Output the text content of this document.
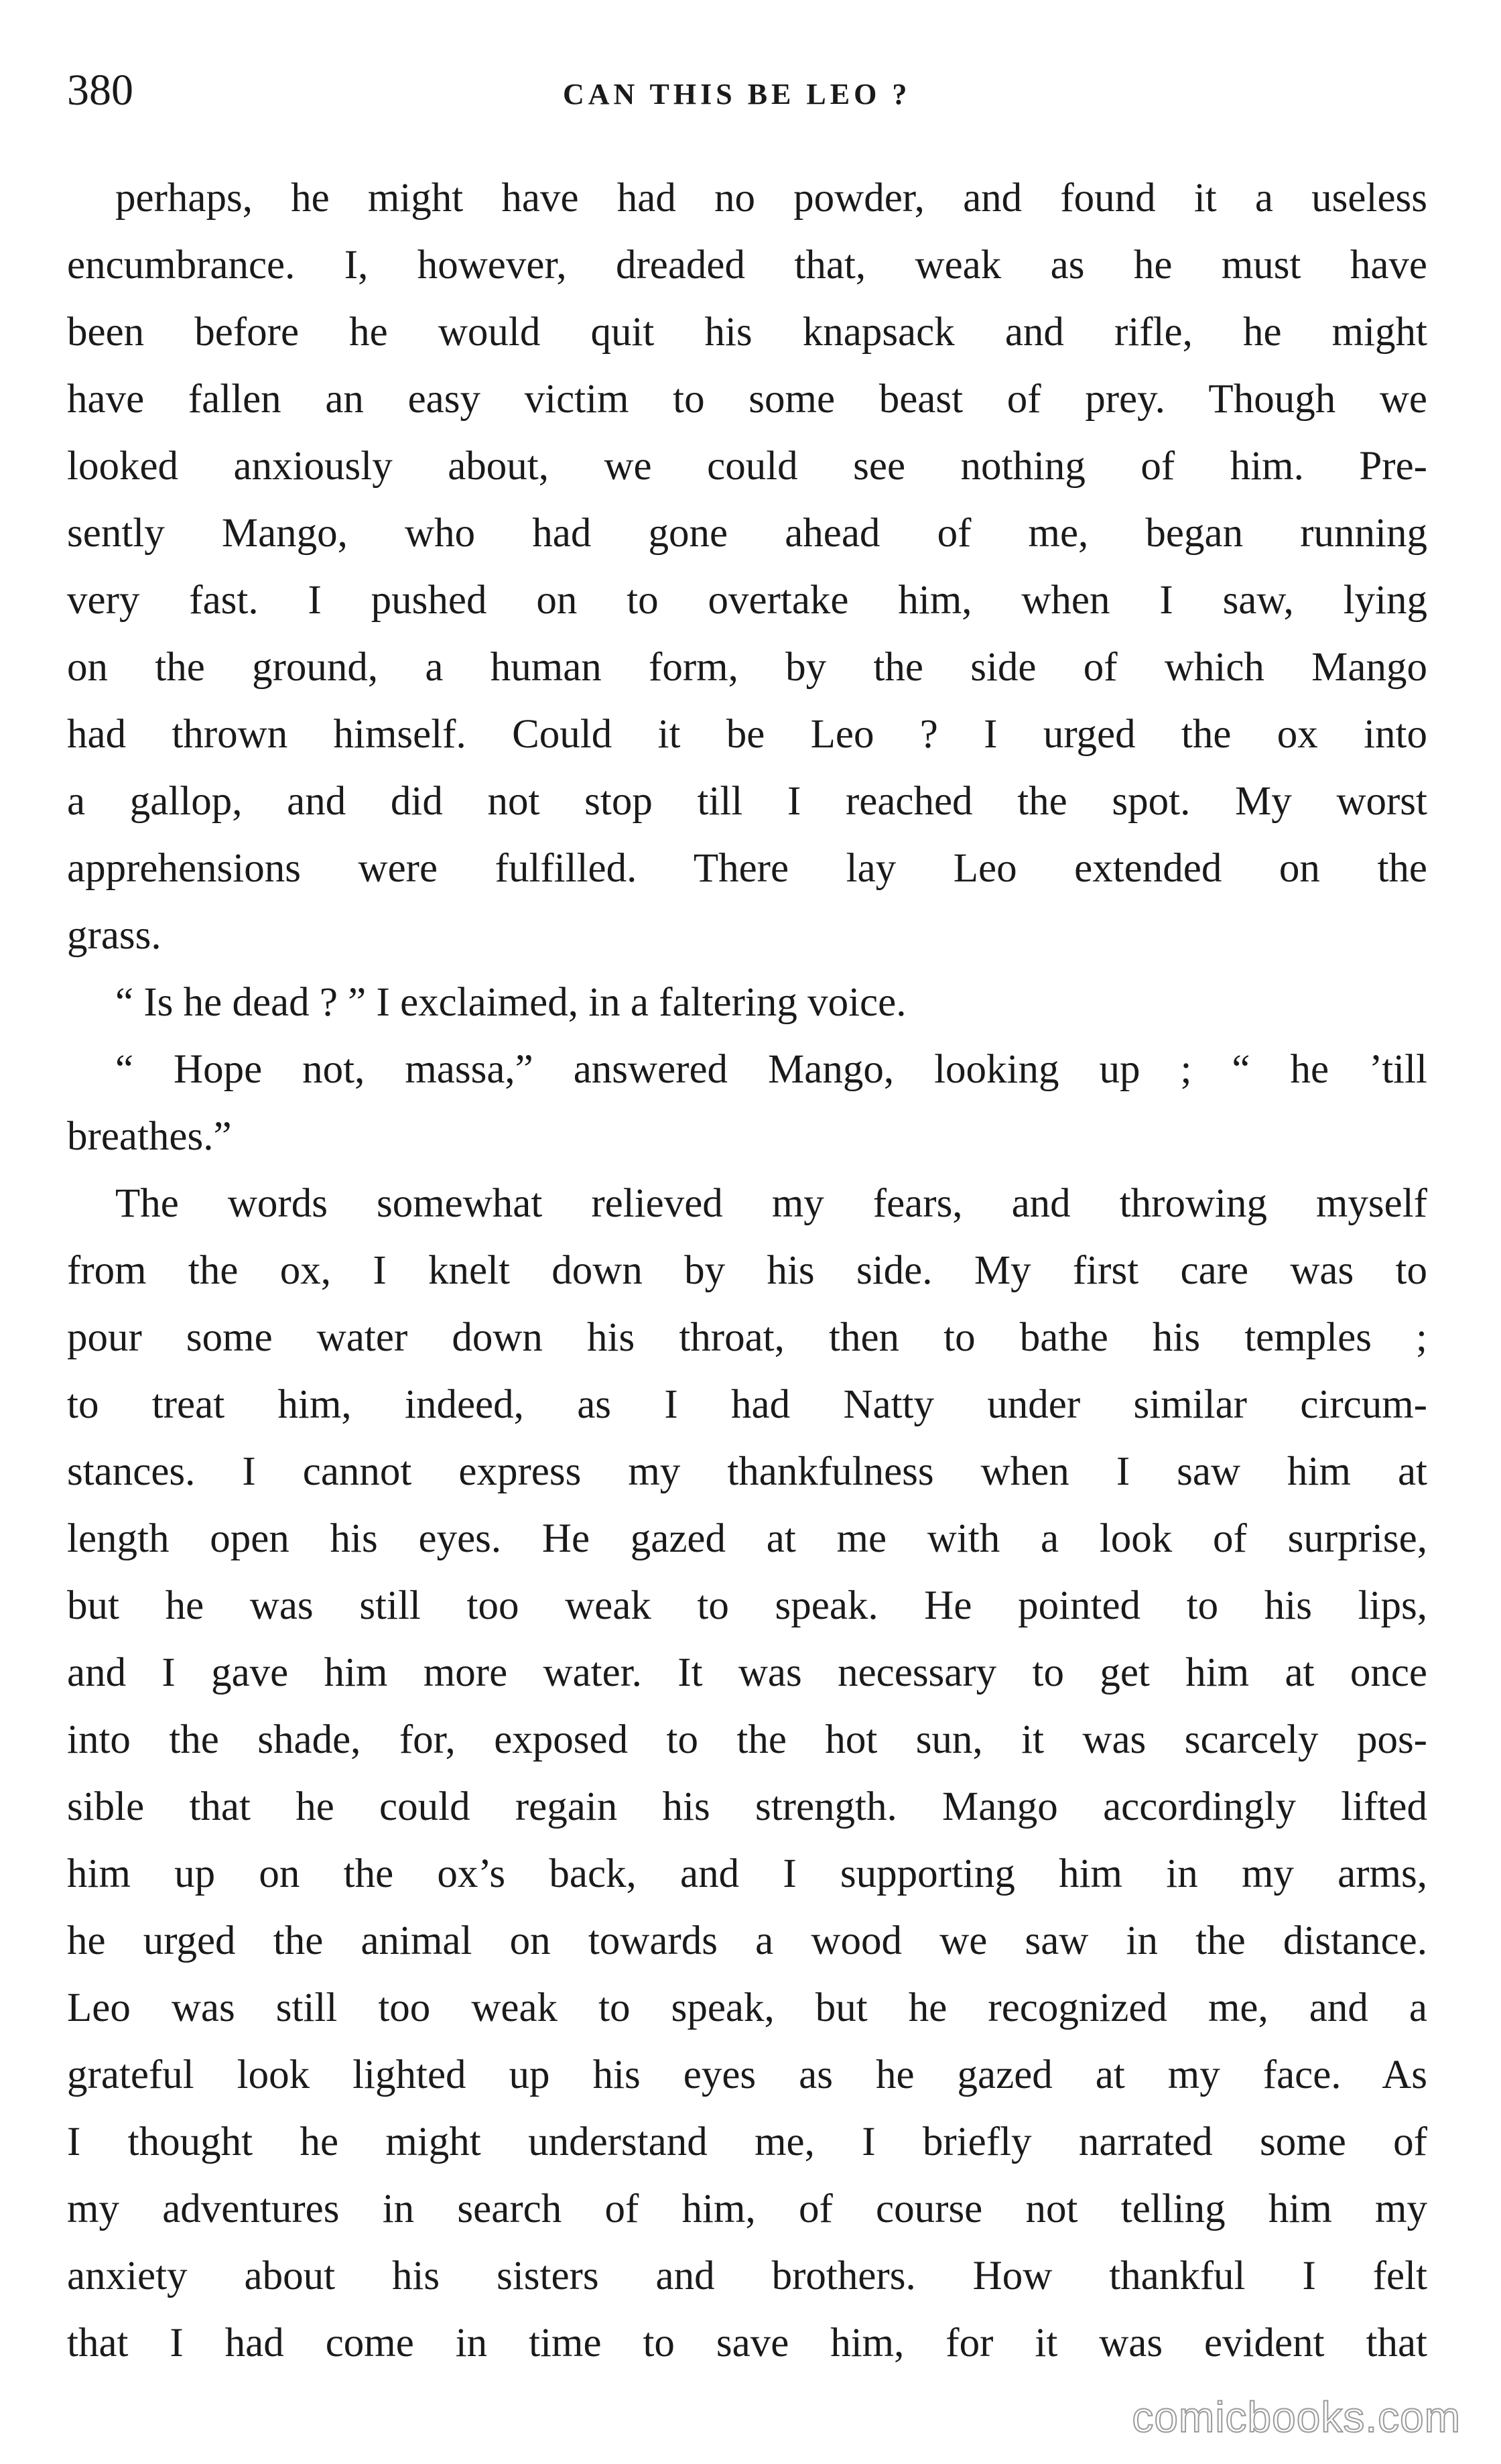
380	CAN THIS BE LEO ?
perhaps, he might have had no powder, and found it a useless
encumbrance. I, however, dreaded that, weak as he must have
been before he would quit his knapsack and rifle, he might
have fallen an easy victim to some beast of prey. Though we
looked anxiously about, we could see nothing of him. Pre-
sently Mango, who had gone ahead of me, began running
very fast. I pushed on to overtake him, when I saw, lying
on the ground, a human form, by the side of which Mango
had thrown himself. Could it be Leo ? I urged the ox into
a gallop, and did not stop till I reached the spot. My worst
apprehensions were fulfilled. There lay Leo extended on the
grass.
“ Is he dead ? ” I exclaimed, in a faltering voice.
“ Hope not, massa,” answered Mango, looking up ; “ he ’till
breathes.”
The words somewhat relieved my fears, and throwing myself
from the ox, I knelt down by his side. My first care was to
pour some water down his throat, then to bathe his temples ;
to treat him, indeed, as I had Natty under similar circum-
stances. I cannot express my thankfulness when I saw him at
length open his eyes. He gazed at me with a look of surprise,
but he was still too weak to speak. He pointed to his lips,
and I gave him more water. It was necessary to get him at once
into the shade, for, exposed to the hot sun, it was scarcely pos-
sible that he could regain his strength. Mango accordingly lifted
him up on the ox’s back, and I supporting him in my arms,
he urged the animal on towards a wood we saw in the distance.
Leo was still too weak to speak, but he recognized me, and a
grateful look lighted up his eyes as he gazed at my face. As
I thought he might understand me, I briefly narrated some of
my adventures in search of him, of course not telling him my
anxiety about his sisters and brothers. How thankful I felt
that I had come in time to save him, for it was evident that
comicbooks.com
